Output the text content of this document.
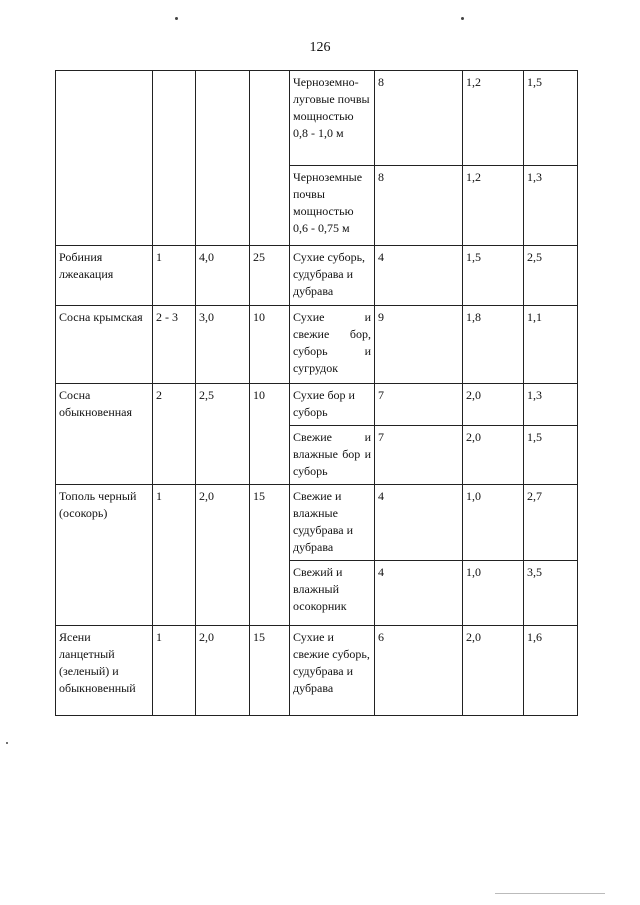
126
				Черноземно-луговые почвы мощностью 0,8 - 1,0 м	8	1,2	1,5
				Черноземные почвы мощностью 0,6 - 0,75 м	8	1,2	1,3
Робиния лжеакация	1	4,0	25	Сухие суборь, судубрава и дубрава	4	1,5	2,5
Сосна крымская	2 - 3	3,0	10	Сухие и свежие бор, суборь и сугрудок	9	1,8	1,1
Сосна обыкновенная	2	2,5	10	Сухие бор и суборь	7	2,0	1,3
				Свежие и влажные бор и суборь	7	2,0	1,5
Тополь черный (осокорь)	1	2,0	15	Свежие и влажные судубрава и дубрава	4	1,0	2,7
				Свежий и влажный осокорник	4	1,0	3,5
Ясени ланцетный (зеленый) и обыкновенный	1	2,0	15	Сухие и свежие суборь, судубрава и дубрава	6	2,0	1,6
